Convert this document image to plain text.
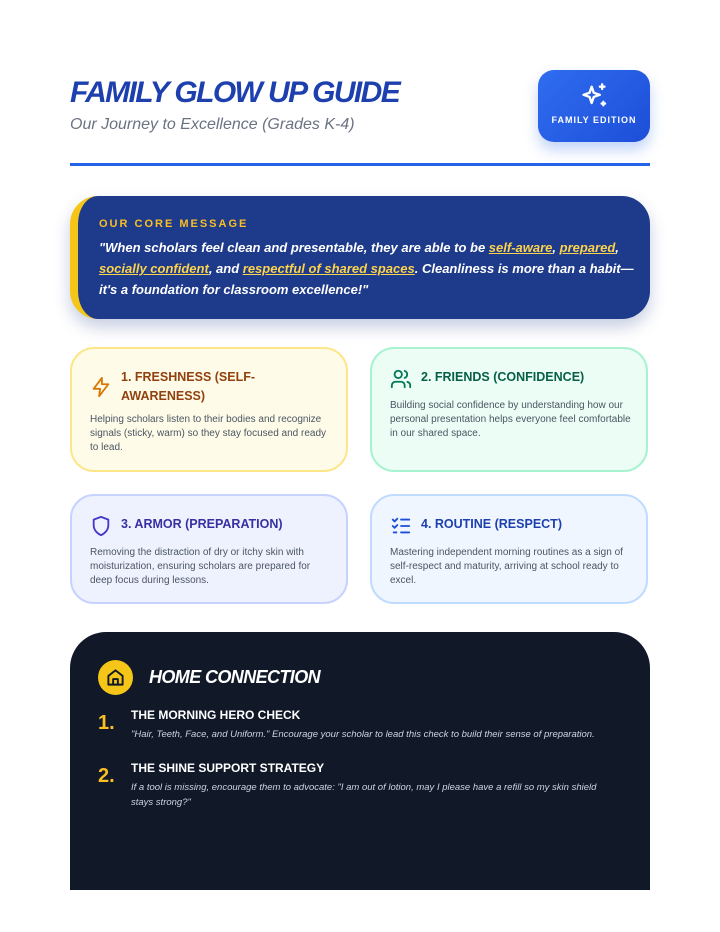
FAMILY GLOW UP GUIDE
Our Journey to Excellence (Grades K-4)	FAMILY EDITION
OUR CORE MESSAGE
"When scholars feel clean and presentable, they are able to be self-aware, prepared, socially confident, and respectful of shared spaces. Cleanliness is more than a habit—it's a foundation for classroom excellence!"
1. FRESHNESS (SELF-AWARENESS)
Helping scholars listen to their bodies and recognize signals (sticky, warm) so they stay focused and ready to lead.
2. FRIENDS (CONFIDENCE)
Building social confidence by understanding how our personal presentation helps everyone feel comfortable in our shared space.
3. ARMOR (PREPARATION)
Removing the distraction of dry or itchy skin with moisturization, ensuring scholars are prepared for deep focus during lessons.
4. ROUTINE (RESPECT)
Mastering independent morning routines as a sign of self-respect and maturity, arriving at school ready to excel.
HOME CONNECTION
1. THE MORNING HERO CHECK
"Hair, Teeth, Face, and Uniform." Encourage your scholar to lead this check to build their sense of preparation.
2. THE SHINE SUPPORT STRATEGY
If a tool is missing, encourage them to advocate: "I am out of lotion, may I please have a refill so my skin shield stays strong?"
